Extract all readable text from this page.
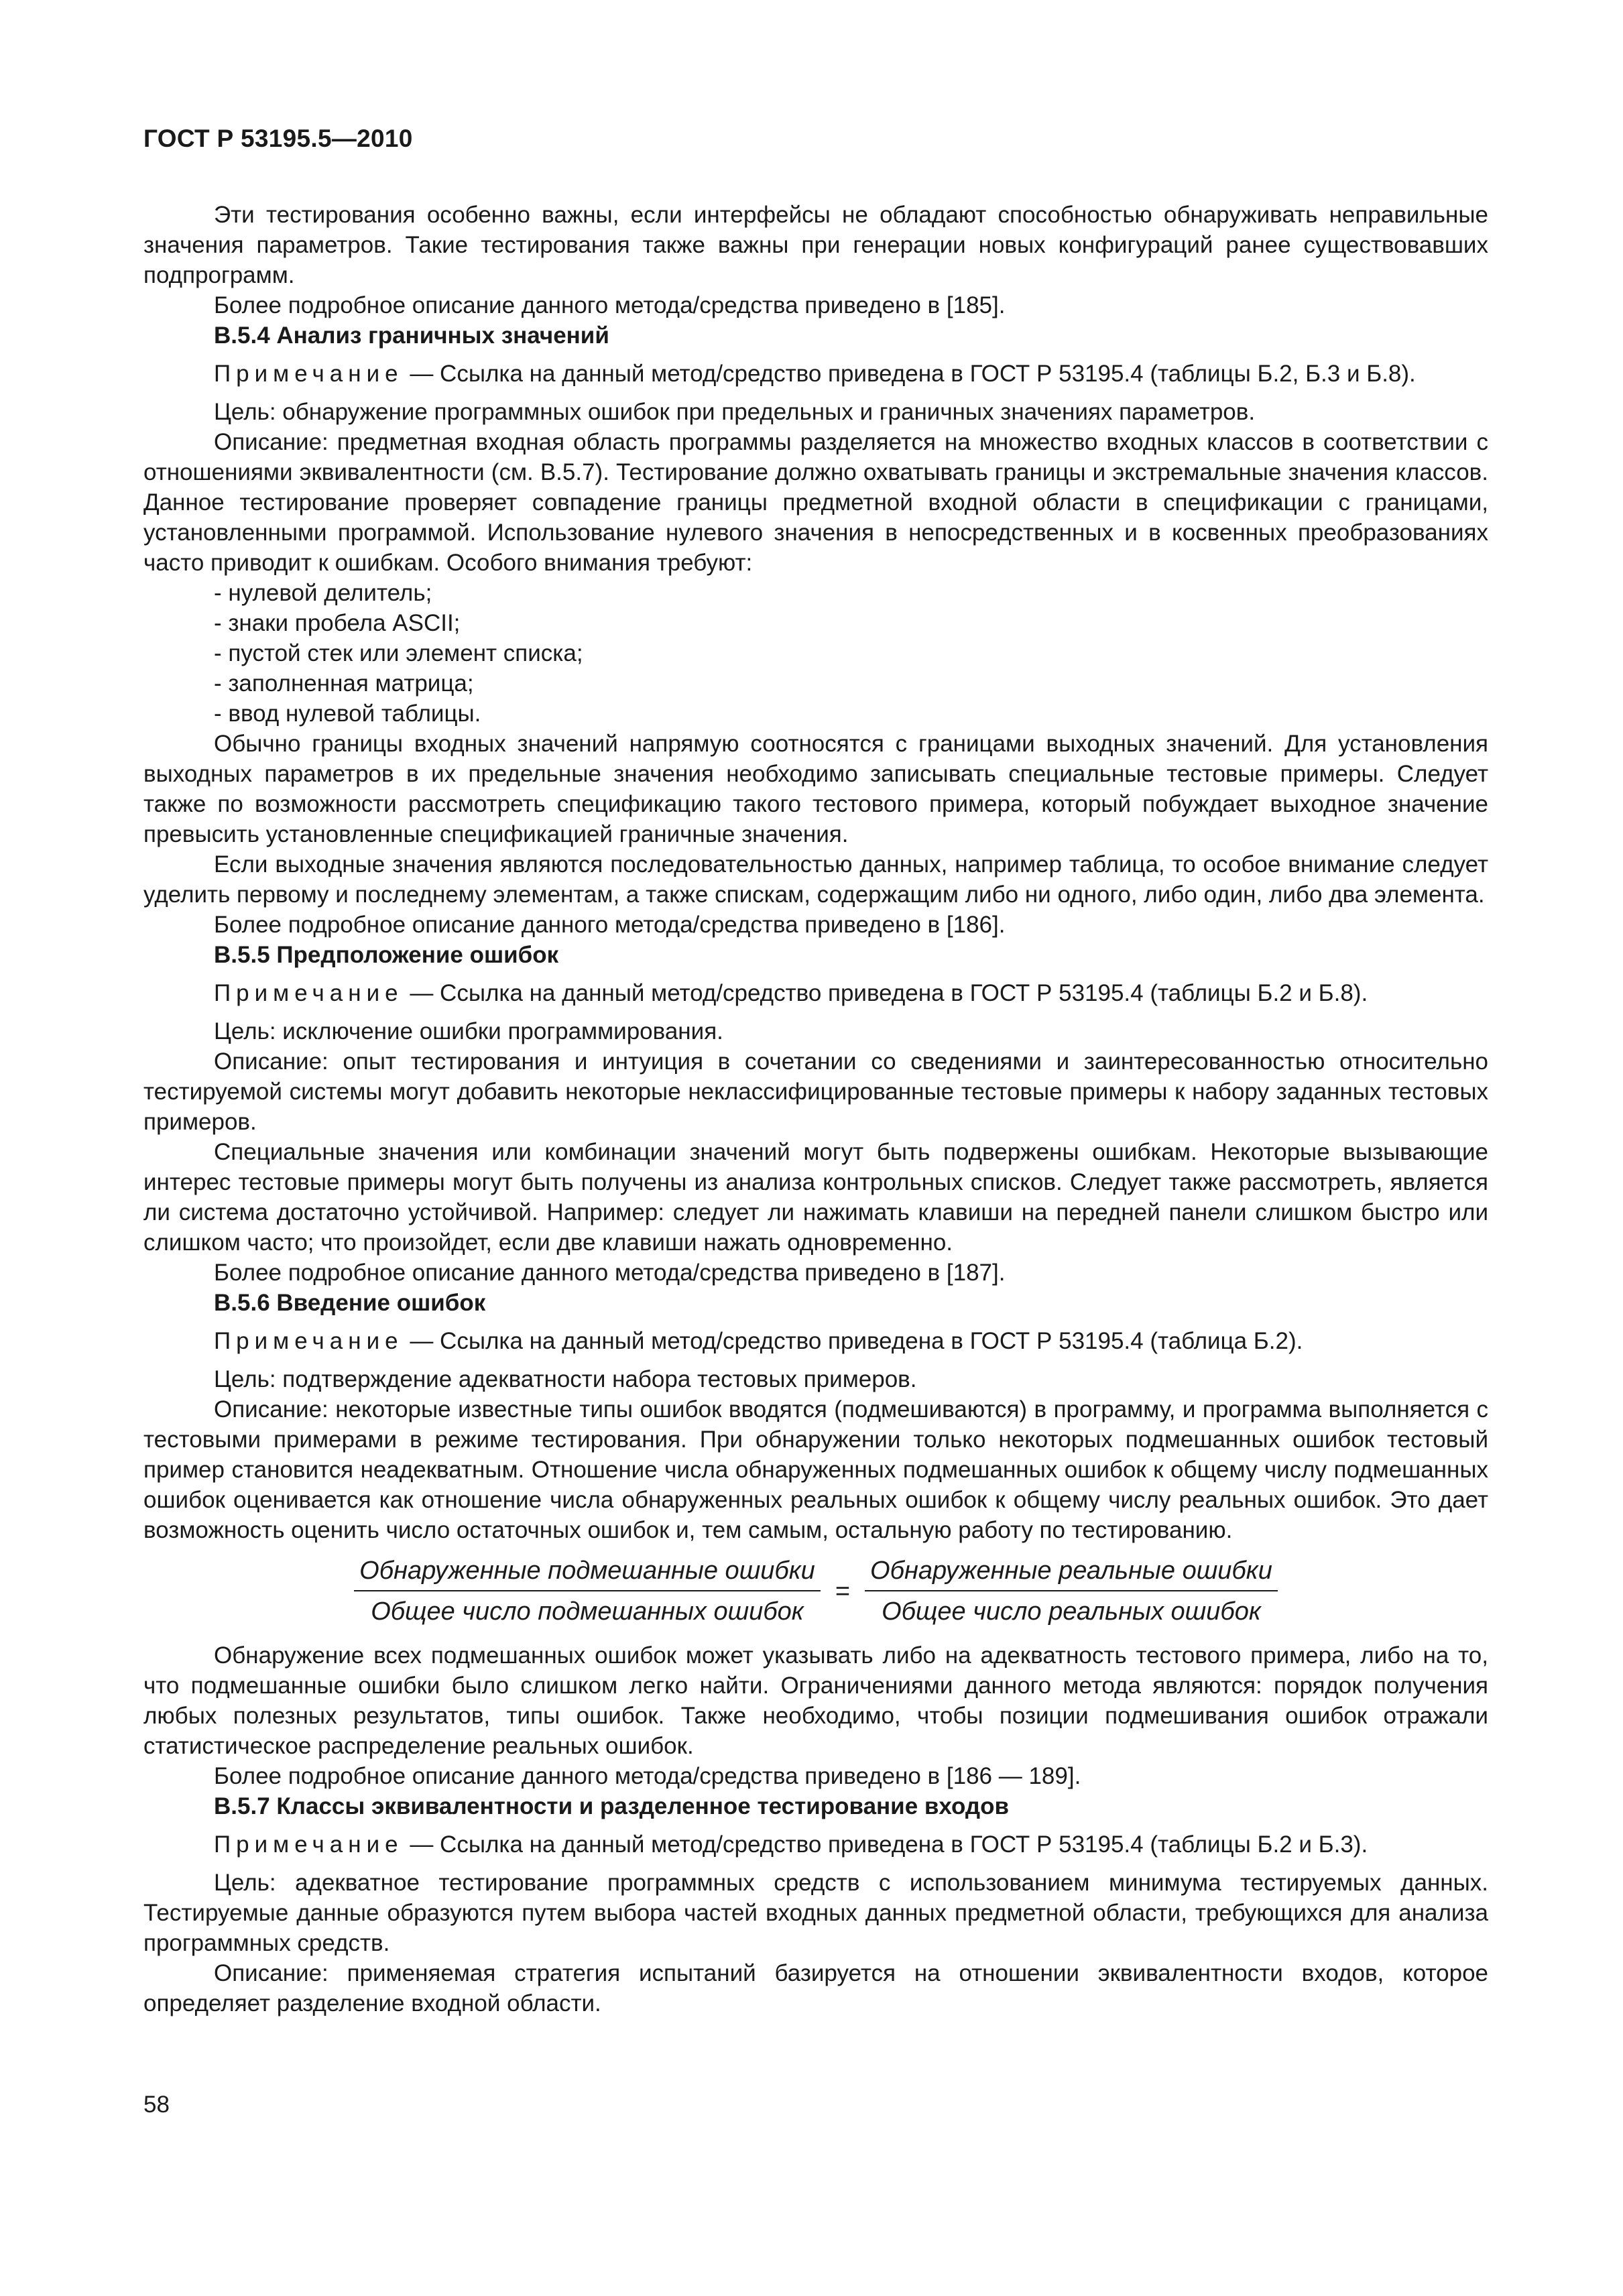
ГОСТ Р 53195.5—2010

Эти тестирования особенно важны, если интерфейсы не обладают способностью обнаруживать неправильные значения параметров. Такие тестирования также важны при генерации новых конфигураций ранее существовавших подпрограмм.

Более подробное описание данного метода/средства приведено в [185].

В.5.4 Анализ граничных значений

Примечание — Ссылка на данный метод/средство приведена в ГОСТ Р 53195.4 (таблицы Б.2, Б.3 и Б.8).

Цель: обнаружение программных ошибок при предельных и граничных значениях параметров.

Описание: предметная входная область программы разделяется на множество входных классов в соответствии с отношениями эквивалентности (см. В.5.7). Тестирование должно охватывать границы и экстремальные значения классов. Данное тестирование проверяет совпадение границы предметной входной области в спецификации с границами, установленными программой. Использование нулевого значения в непосредственных и в косвенных преобразованиях часто приводит к ошибкам. Особого внимания требуют:

- нулевой делитель;

- знаки пробела ASCII;

- пустой стек или элемент списка;

- заполненная матрица;

- ввод нулевой таблицы.

Обычно границы входных значений напрямую соотносятся с границами выходных значений. Для установления выходных параметров в их предельные значения необходимо записывать специальные тестовые примеры. Следует также по возможности рассмотреть спецификацию такого тестового примера, который побуждает выходное значение превысить установленные спецификацией граничные значения.

Если выходные значения являются последовательностью данных, например таблица, то особое внимание следует уделить первому и последнему элементам, а также спискам, содержащим либо ни одного, либо один, либо два элемента.

Более подробное описание данного метода/средства приведено в [186].

В.5.5 Предположение ошибок

Примечание — Ссылка на данный метод/средство приведена в ГОСТ Р 53195.4 (таблицы Б.2 и Б.8).

Цель: исключение ошибки программирования.

Описание: опыт тестирования и интуиция в сочетании со сведениями и заинтересованностью относительно тестируемой системы могут добавить некоторые неклассифицированные тестовые примеры к набору заданных тестовых примеров.

Специальные значения или комбинации значений могут быть подвержены ошибкам. Некоторые вызывающие интерес тестовые примеры могут быть получены из анализа контрольных списков. Следует также рассмотреть, является ли система достаточно устойчивой. Например: следует ли нажимать клавиши на передней панели слишком быстро или слишком часто; что произойдет, если две клавиши нажать одновременно.

Более подробное описание данного метода/средства приведено в [187].

В.5.6 Введение ошибок

Примечание — Ссылка на данный метод/средство приведена в ГОСТ Р 53195.4 (таблица Б.2).

Цель: подтверждение адекватности набора тестовых примеров.

Описание: некоторые известные типы ошибок вводятся (подмешиваются) в программу, и программа выполняется с тестовыми примерами в режиме тестирования. При обнаружении только некоторых подмешанных ошибок тестовый пример становится неадекватным. Отношение числа обнаруженных подмешанных ошибок к общему числу подмешанных ошибок оценивается как отношение числа обнаруженных реальных ошибок к общему числу реальных ошибок. Это дает возможность оценить число остаточных ошибок и, тем самым, остальную работу по тестированию.

$\frac{\text{Обнаруженные подмешанные ошибки}}{\text{Общее число подмешанных ошибок}} = \frac{\text{Обнаруженные реальные ошибки}}{\text{Общее число реальных ошибок}}$

Обнаружение всех подмешанных ошибок может указывать либо на адекватность тестового примера, либо на то, что подмешанные ошибки было слишком легко найти. Ограничениями данного метода являются: порядок получения любых полезных результатов, типы ошибок. Также необходимо, чтобы позиции подмешивания ошибок отражали статистическое распределение реальных ошибок.

Более подробное описание данного метода/средства приведено в [186 — 189].

В.5.7 Классы эквивалентности и разделенное тестирование входов

Примечание — Ссылка на данный метод/средство приведена в ГОСТ Р 53195.4 (таблицы Б.2 и Б.3).

Цель: адекватное тестирование программных средств с использованием минимума тестируемых данных. Тестируемые данные образуются путем выбора частей входных данных предметной области, требующихся для анализа программных средств.

Описание: применяемая стратегия испытаний базируется на отношении эквивалентности входов, которое определяет разделение входной области.

58
